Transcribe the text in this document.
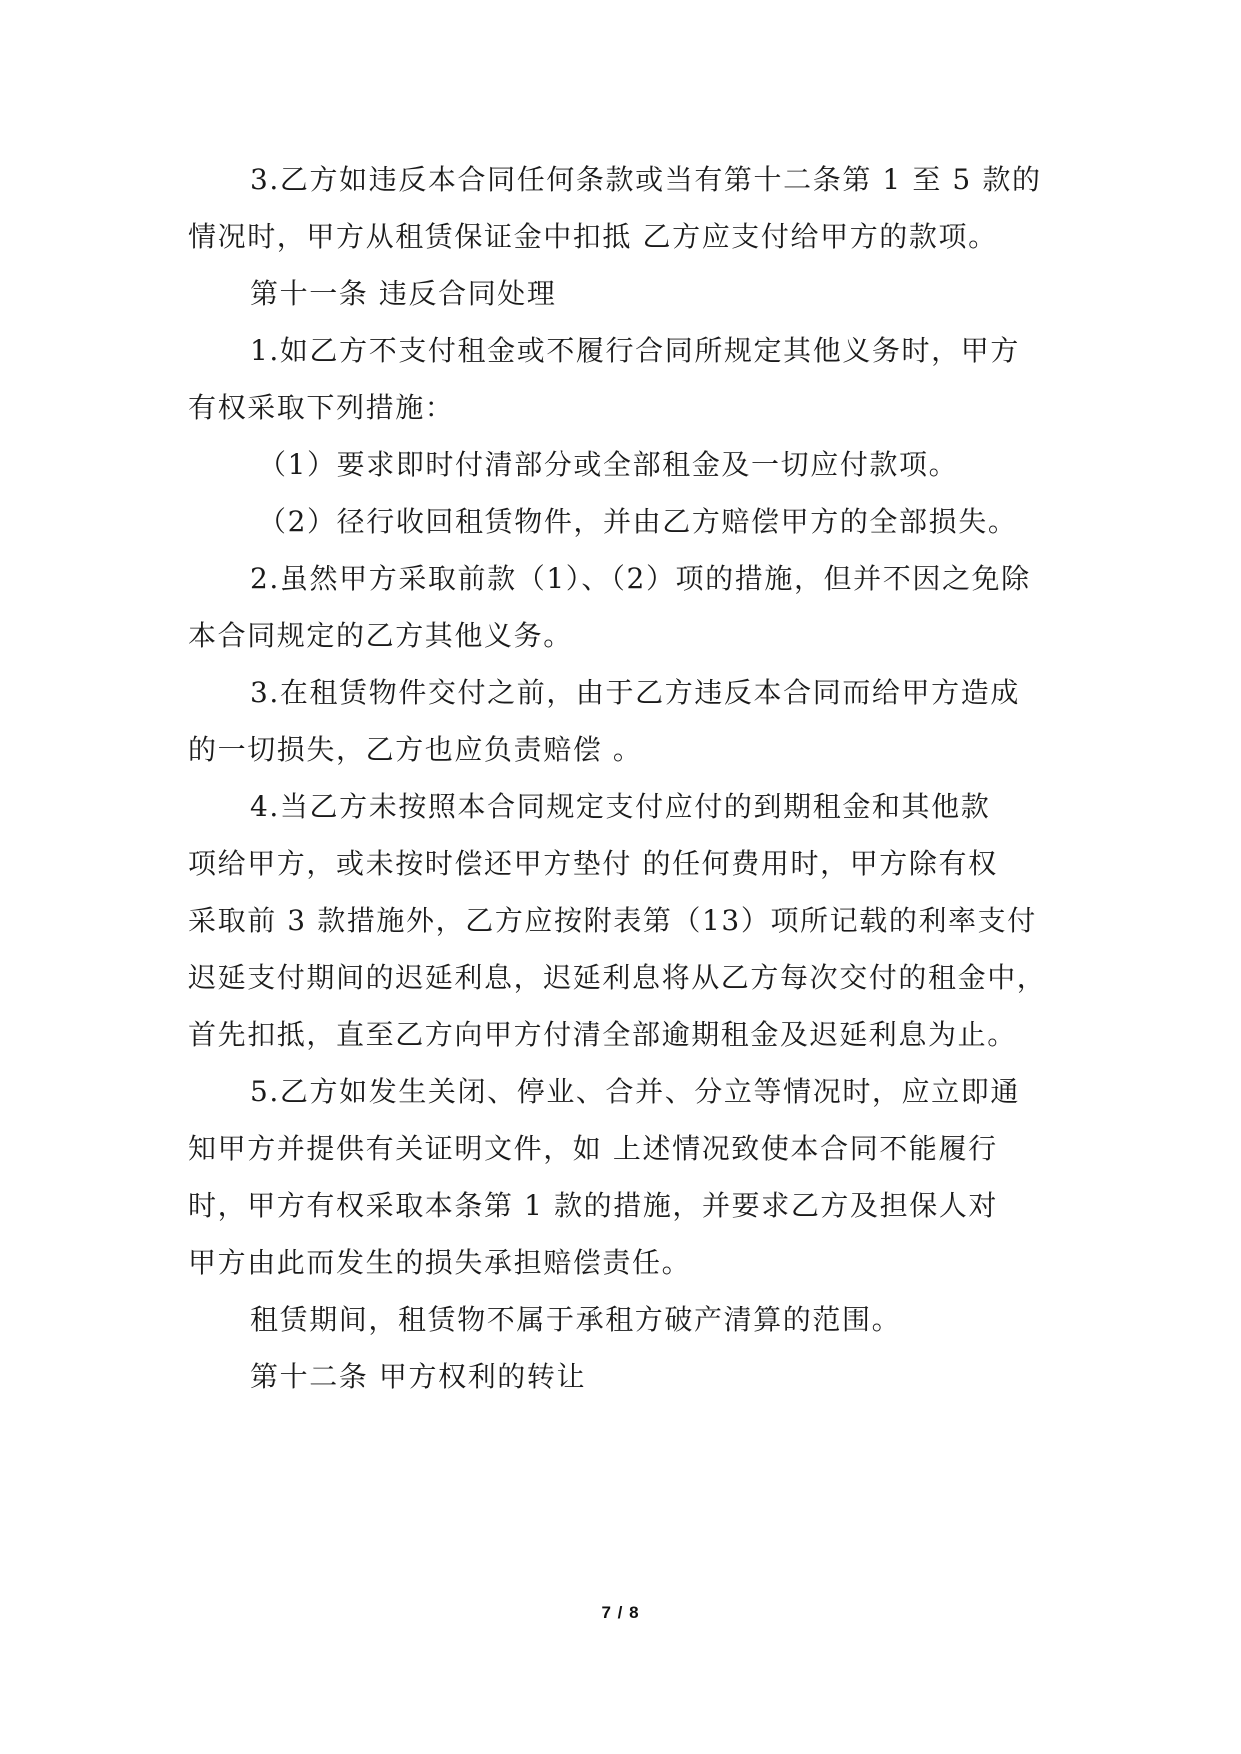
3.乙方如违反本合同任何条款或当有第十二条第 1 至 5 款的
情况时，甲方从租赁保证金中扣抵 乙方应支付给甲方的款项。
第十一条 违反合同处理
1.如乙方不支付租金或不履行合同所规定其他义务时，甲方
有权采取下列措施：
（1）要求即时付清部分或全部租金及一切应付款项。
（2）径行收回租赁物件，并由乙方赔偿甲方的全部损失。
2.虽然甲方采取前款（1）、（2）项的措施，但并不因之免除
本合同规定的乙方其他义务。
3.在租赁物件交付之前，由于乙方违反本合同而给甲方造成
的一切损失，乙方也应负责赔偿 。
4.当乙方未按照本合同规定支付应付的到期租金和其他款
项给甲方，或未按时偿还甲方垫付 的任何费用时，甲方除有权
采取前 3 款措施外，乙方应按附表第（13）项所记载的利率支付
迟延支付期间的迟延利息，迟延利息将从乙方每次交付的租金中，
首先扣抵，直至乙方向甲方付清全部逾期租金及迟延利息为止。
5.乙方如发生关闭、停业、合并、分立等情况时，应立即通
知甲方并提供有关证明文件，如 上述情况致使本合同不能履行
时，甲方有权采取本条第 1 款的措施，并要求乙方及担保人对
甲方由此而发生的损失承担赔偿责任。
租赁期间，租赁物不属于承租方破产清算的范围。
第十二条 甲方权利的转让
7 / 8
